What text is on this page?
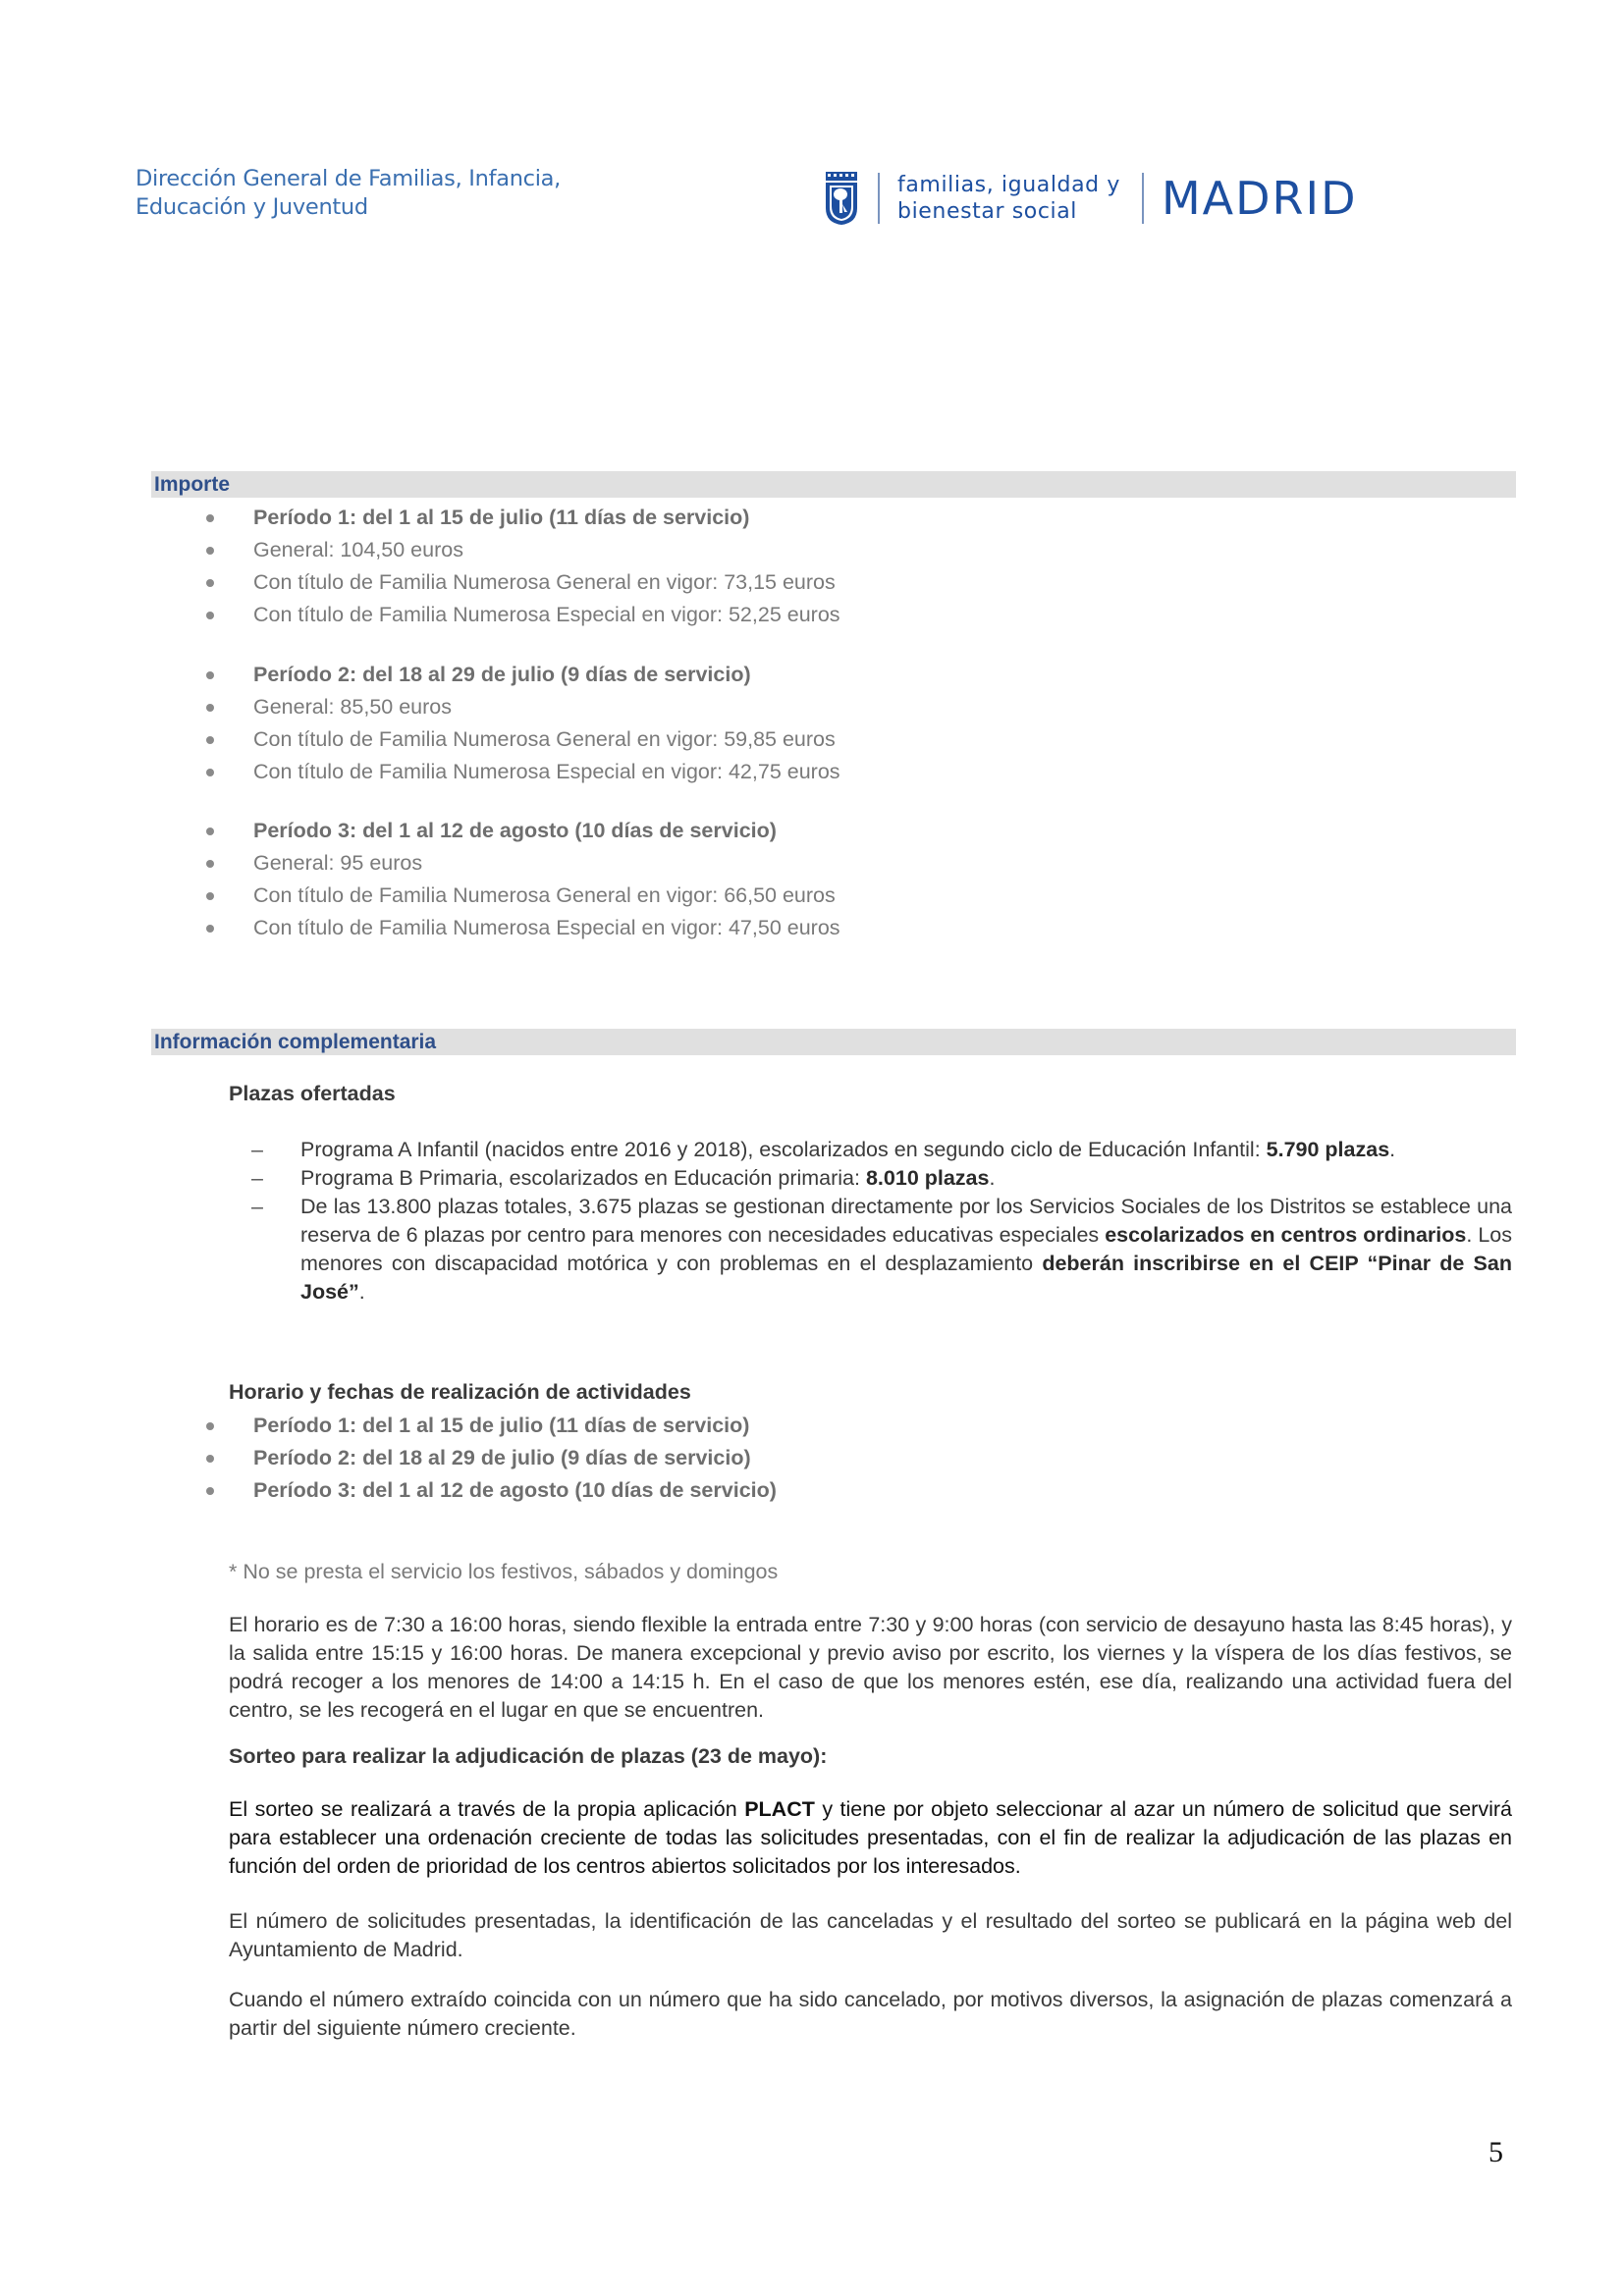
Dirección General de Familias, Infancia,
Educación y Juventud
familias, igualdad y
bienestar social	MADRID
Importe
Período 1: del 1 al 15 de julio (11 días de servicio)
General: 104,50 euros
Con título de Familia Numerosa General en vigor: 73,15 euros
Con título de Familia Numerosa Especial en vigor: 52,25 euros
Período 2: del 18 al 29 de julio (9 días de servicio)
General: 85,50 euros
Con título de Familia Numerosa General en vigor: 59,85 euros
Con título de Familia Numerosa Especial en vigor: 42,75 euros
Período 3: del 1 al 12 de agosto (10 días de servicio)
General: 95 euros
Con título de Familia Numerosa General en vigor: 66,50 euros
Con título de Familia Numerosa Especial en vigor: 47,50 euros
Información complementaria
Plazas ofertadas
– Programa A Infantil (nacidos entre 2016 y 2018), escolarizados en segundo ciclo de Educación Infantil: 5.790 plazas.
– Programa B Primaria, escolarizados en Educación primaria: 8.010 plazas.
– De las 13.800 plazas totales, 3.675 plazas se gestionan directamente por los Servicios Sociales de los Distritos se establece una reserva de 6 plazas por centro para menores con necesidades educativas especiales escolarizados en centros ordinarios. Los menores con discapacidad motórica y con problemas en el desplazamiento deberán inscribirse en el CEIP “Pinar de San José”.
Horario y fechas de realización de actividades
Período 1: del 1 al 15 de julio (11 días de servicio)
Período 2: del 18 al 29 de julio (9 días de servicio)
Período 3: del 1 al 12 de agosto (10 días de servicio)
* No se presta el servicio los festivos, sábados y domingos
El horario es de 7:30 a 16:00 horas, siendo flexible la entrada entre 7:30 y 9:00 horas (con servicio de desayuno hasta las 8:45 horas), y la salida entre 15:15 y 16:00 horas. De manera excepcional y previo aviso por escrito, los viernes y la víspera de los días festivos, se podrá recoger a los menores de 14:00 a 14:15 h. En el caso de que los menores estén, ese día, realizando una actividad fuera del centro, se les recogerá en el lugar en que se encuentren.
Sorteo para realizar la adjudicación de plazas (23 de mayo):
El sorteo se realizará a través de la propia aplicación PLACT y tiene por objeto seleccionar al azar un número de solicitud que servirá para establecer una ordenación creciente de todas las solicitudes presentadas, con el fin de realizar la adjudicación de las plazas en función del orden de prioridad de los centros abiertos solicitados por los interesados.
El número de solicitudes presentadas, la identificación de las canceladas y el resultado del sorteo se publicará en la página web del Ayuntamiento de Madrid.
Cuando el número extraído coincida con un número que ha sido cancelado, por motivos diversos, la asignación de plazas comenzará a partir del siguiente número creciente.
5
